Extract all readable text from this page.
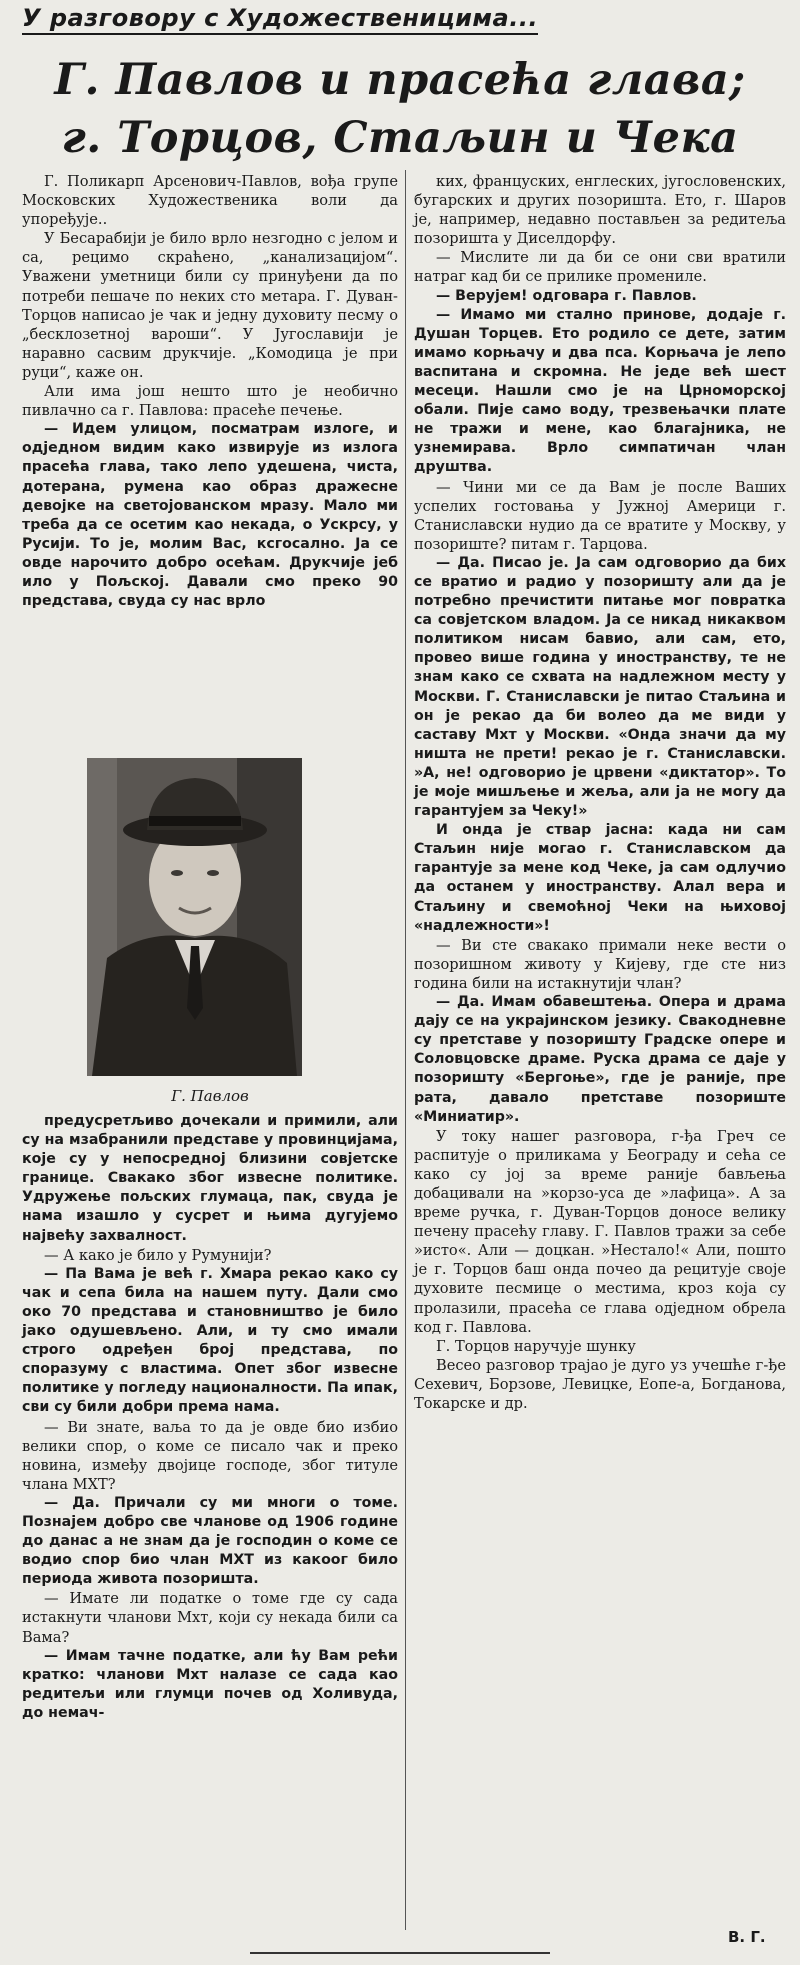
У разговору с Художественицима...
Г. Павлов и прасећа глава;
г. Торцов, Стаљин и Чека

Г. Поликарп Арсенович-Павлов, вођа групе Московских Художественика воли да упоређује..

У Бесарабији је било врло незгодно с јелом и са, рецимо скраћено, „канализацијом“. Уважени уметници били су принуђени да по потреби пешаче по неких сто метара. Г. Дуван-Торцов написао је чак и једну духовиту песму о „бесклозетној вароши“. У Југославији је наравно сасвим друкчије. „Комодица је при руци“, каже он.

Али има још нешто што је необично пивлачно са г. Павлова: прасеће печење.

— Идем улицом, посматрам излоге, и одједном видим како извирује из излога прасећа глава, тако лепо удешена, чиста, дотерана, румена као образ дражесне девојке на светојованском мразу. Мало ми треба да се осетим као некада, о Ускрсу, у Русији. То је, молим Вас, ксгосално. Ја се овде нарочито добро осећам. Друкчије јеб ило у Пољској. Давали смо преко 90 представа, свуда су нас врло

Г. Павлов

предусретљиво дочекали и примили, али су на мзабранили представе у провинцијама, које су у непосредној близини совјетске границе. Свакако због извесне политике. Удружење пољских глумаца, пак, свуда је нама изашло у сусрет и њима дугујемо највећу захвалност.

— А како је било у Румунији?

— Па Вама је већ г. Хмара рекао како су чак и сепа била на нашем путу. Дали смо око 70 представа и становништво је било јако одушевљено. Али, и ту смо имали строго одређен број представа, по споразуму с властима. Опет због извесне политике у погледу националности. Па ипак, сви су били добри према нама.

— Ви знате, ваља то да је овде био избио велики спор, о коме се писало чак и преко новина, између двојице господе, због титуле члана МХТ?

— Да. Причали су ми многи о томе. Познајем добро све чланове од 1906 године до данас а не знам да је господин о коме се водио спор био члан МХТ из какоог било периода живота позоришта.

— Имате ли податке о томе где су сада истакнути чланови Мхт, који су некада били са Вама?

— Имам тачне податке, али ћу Вам рећи кратко: чланови Мхт налазе се сада као редитељи или глумци почев од Холивуда, до немач-

ких, француских, енглеских, југословенских, бугарских и других позоришта. Ето, г. Шаров је, например, недавно постављен за редитеља позоришта у Диселдорфу.

— Мислите ли да би се они сви вратили натраг кад би се прилике промениле.

— Верујем! одговара г. Павлов.

— Имамо ми стално принове, додаје г. Душан Торцев. Ето родило се дете, затим имамо корњачу и два пса. Корњача је лепо васпитана и скромна. Не једе већ шест месеци. Нашли смо је на Црноморској обали. Пије само воду, трезвењачки плате не тражи и мене, као благајника, не узнемирава. Врло симпатичан члан друштва.

— Чини ми се да Вам је после Ваших успелих гостовања у Јужној Америци г. Станиславски нудио да се вратите у Москву, у позориште? питам г. Тарцова.

— Да. Писао је. Ја сам одговорио да бих се вратио и радио у позоришту али да је потребно пречистити питање мог повратка са совјетском владом. Ја се никад никаквом политиком нисам бавио, али сам, ето, провео више година у иностранству, те не знам како се схвата на надлежном месту у Москви. Г. Станиславски је питао Стаљина и он је рекао да би волео да ме види у саставу Мхт у Москви. «Онда значи да му ништа не прети! рекао је г. Станиславски. »А, не! одговорио је црвени «диктатор». То је моје мишљење и жеља, али ја не могу да гарантујем за Чеку!»

И онда је ствар јасна: када ни сам Стаљин није могао г. Станиславском да гарантује за мене код Чеке, ја сам одлучио да останем у иностранству. Алал вера и Стаљину и свемоћној Чеки на њиховој «надлежности»!

— Ви сте свакако примали неке вести о позоришном животу у Кијеву, где сте низ година били на истакнутији члан?

— Да. Имам обавештења. Опера и драма дају се на украјинском језику. Свакодневне су претставе у позоришту Градске опере и Соловцовске драме. Руска драма се даје у позоришту «Бергоње», где је раније, пре рата, давало претставе позориште «Миниатир».

У току нашег разговора, г-ђа Греч се распитује о приликама у Београду и сећа се како су јој за време раније бављења добацивали на »корзо-уса де »лафица». А за време ручка, г. Дуван-Торцов доносе велику печену прасећу главу. Г. Павлов тражи за себе »исто«. Али — доцкан. »Нестало!« Али, пошто је г. Торцов баш онда почео да рецитује своје духовите песмице о местима, кроз која су пролазили, прасећа се глава одједном обрела код г. Павлова.

Г. Торцов наручује шунку

Весео разговор трајао је дуго уз учешће г-ђе Сехевич, Борзове, Левицке, Еопе-а, Богданова, Токарске и др.

В. Г.
